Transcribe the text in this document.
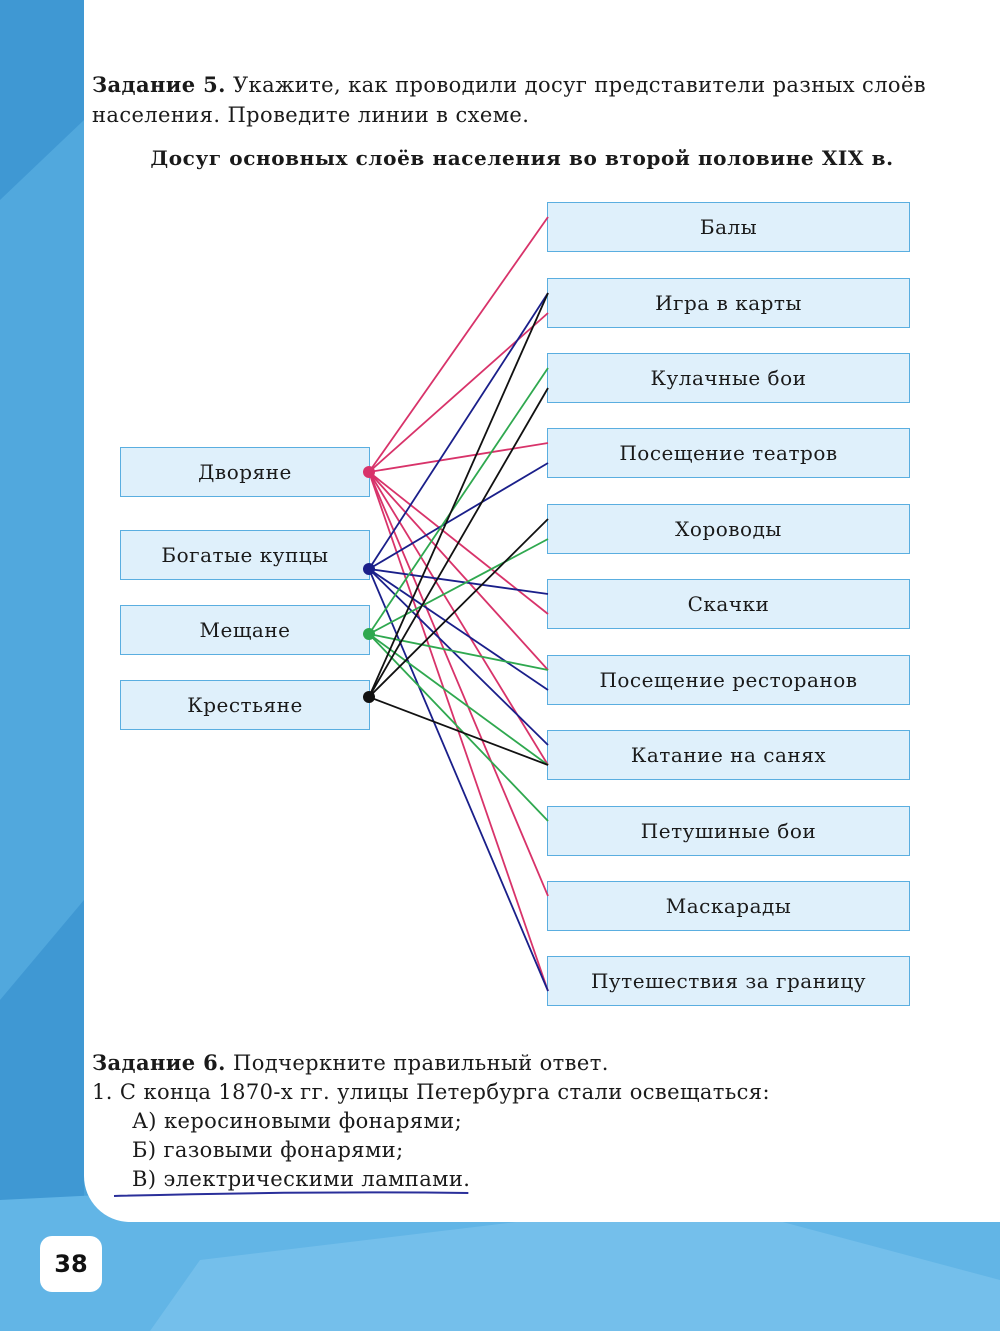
Задание 5. Укажите, как проводили досуг представители разных слоёв населения. Проведите линии в схеме.
Досуг основных слоёв населения во второй половине XIX в.
Дворяне
Богатые купцы
Мещане
Крестьяне
Балы
Игра в карты
Кулачные бои
Посещение театров
Хороводы
Скачки
Посещение ресторанов
Катание на санях
Петушиные бои
Маскарады
Путешествия за границу
Задание 6. Подчеркните правильный ответ.
1. С конца 1870-х гг. улицы Петербурга стали освещаться:
А) керосиновыми фонарями;
Б) газовыми фонарями;
В) электрическими лампами.
38
